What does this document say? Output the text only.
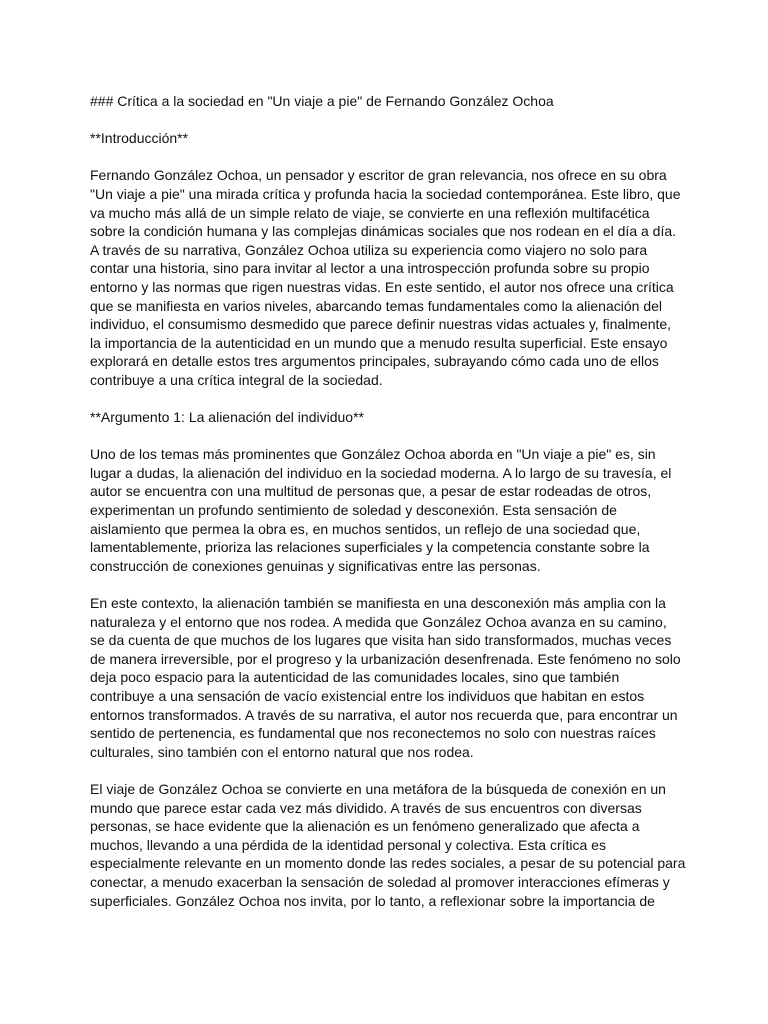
### Crítica a la sociedad en "Un viaje a pie" de Fernando González Ochoa

**Introducción**

Fernando González Ochoa, un pensador y escritor de gran relevancia, nos ofrece en su obra
"Un viaje a pie" una mirada crítica y profunda hacia la sociedad contemporánea. Este libro, que
va mucho más allá de un simple relato de viaje, se convierte en una reflexión multifacética
sobre la condición humana y las complejas dinámicas sociales que nos rodean en el día a día.
A través de su narrativa, González Ochoa utiliza su experiencia como viajero no solo para
contar una historia, sino para invitar al lector a una introspección profunda sobre su propio
entorno y las normas que rigen nuestras vidas. En este sentido, el autor nos ofrece una crítica
que se manifiesta en varios niveles, abarcando temas fundamentales como la alienación del
individuo, el consumismo desmedido que parece definir nuestras vidas actuales y, finalmente,
la importancia de la autenticidad en un mundo que a menudo resulta superficial. Este ensayo
explorará en detalle estos tres argumentos principales, subrayando cómo cada uno de ellos
contribuye a una crítica integral de la sociedad.

**Argumento 1: La alienación del individuo**

Uno de los temas más prominentes que González Ochoa aborda en "Un viaje a pie" es, sin
lugar a dudas, la alienación del individuo en la sociedad moderna. A lo largo de su travesía, el
autor se encuentra con una multitud de personas que, a pesar de estar rodeadas de otros,
experimentan un profundo sentimiento de soledad y desconexión. Esta sensación de
aislamiento que permea la obra es, en muchos sentidos, un reflejo de una sociedad que,
lamentablemente, prioriza las relaciones superficiales y la competencia constante sobre la
construcción de conexiones genuinas y significativas entre las personas.
En este contexto, la alienación también se manifiesta en una desconexión más amplia con la
naturaleza y el entorno que nos rodea. A medida que González Ochoa avanza en su camino,
se da cuenta de que muchos de los lugares que visita han sido transformados, muchas veces
de manera irreversible, por el progreso y la urbanización desenfrenada. Este fenómeno no solo
deja poco espacio para la autenticidad de las comunidades locales, sino que también
contribuye a una sensación de vacío existencial entre los individuos que habitan en estos
entornos transformados. A través de su narrativa, el autor nos recuerda que, para encontrar un
sentido de pertenencia, es fundamental que nos reconectemos no solo con nuestras raíces
culturales, sino también con el entorno natural que nos rodea.
El viaje de González Ochoa se convierte en una metáfora de la búsqueda de conexión en un
mundo que parece estar cada vez más dividido. A través de sus encuentros con diversas
personas, se hace evidente que la alienación es un fenómeno generalizado que afecta a
muchos, llevando a una pérdida de la identidad personal y colectiva. Esta crítica es
especialmente relevante en un momento donde las redes sociales, a pesar de su potencial para
conectar, a menudo exacerban la sensación de soledad al promover interacciones efímeras y
superficiales. González Ochoa nos invita, por lo tanto, a reflexionar sobre la importancia de
